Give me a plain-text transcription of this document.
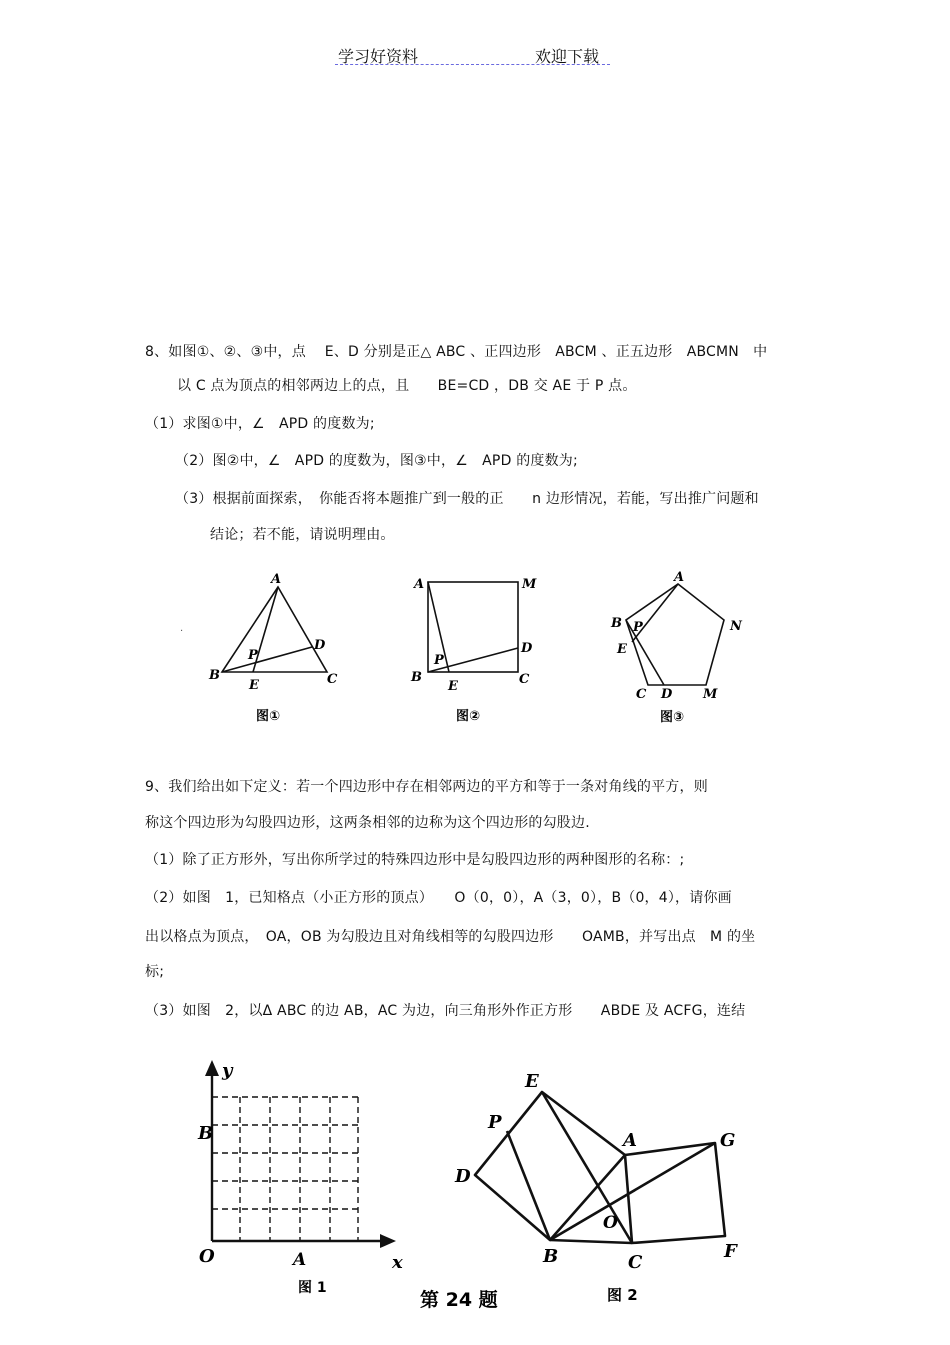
学习好资料	欢迎下载
8、如图①、②、③中，点　 E、D 分别是正△ ABC 、正四边形　ABCM 、正五边形　ABCMN　中
以 C 点为顶点的相邻两边上的点，且　　BE=CD ，DB 交 AE 于 P 点。
（1）求图①中，∠　APD 的度数为;
（2）图②中，∠　APD 的度数为，图③中，∠　APD 的度数为;
（3）根据前面探索，　你能否将本题推广到一般的正　　n 边形情况，若能，写出推广问题和
结论；若不能，请说明理由。
A
B	C
D
E
P
图①
·
A	M
B	C
D
E
P
图②
A
B P	N
E
C D M
图③
9、我们给出如下定义：若一个四边形中存在相邻两边的平方和等于一条对角线的平方，则
称这个四边形为勾股四边形，这两条相邻的边称为这个四边形的勾股边.
（1）除了正方形外，写出你所学过的特殊四边形中是勾股四边形的两种图形的名称：;
（2）如图　1，已知格点（小正方形的顶点）　　O（0，0），A（3，0），B（0，4），请你画
出以格点为顶点，　OA，OB 为勾股边且对角线相等的勾股四边形　　OAMB，并写出点　M 的坐
标;
（3）如图　2，以Δ ABC 的边 AB，AC 为边，向三角形外作正方形　　ABDE 及 ACFG，连结
y
B
O	A	x
图 1
E
P
A	G
D
O
B	C
F
图 2
第 24 题
